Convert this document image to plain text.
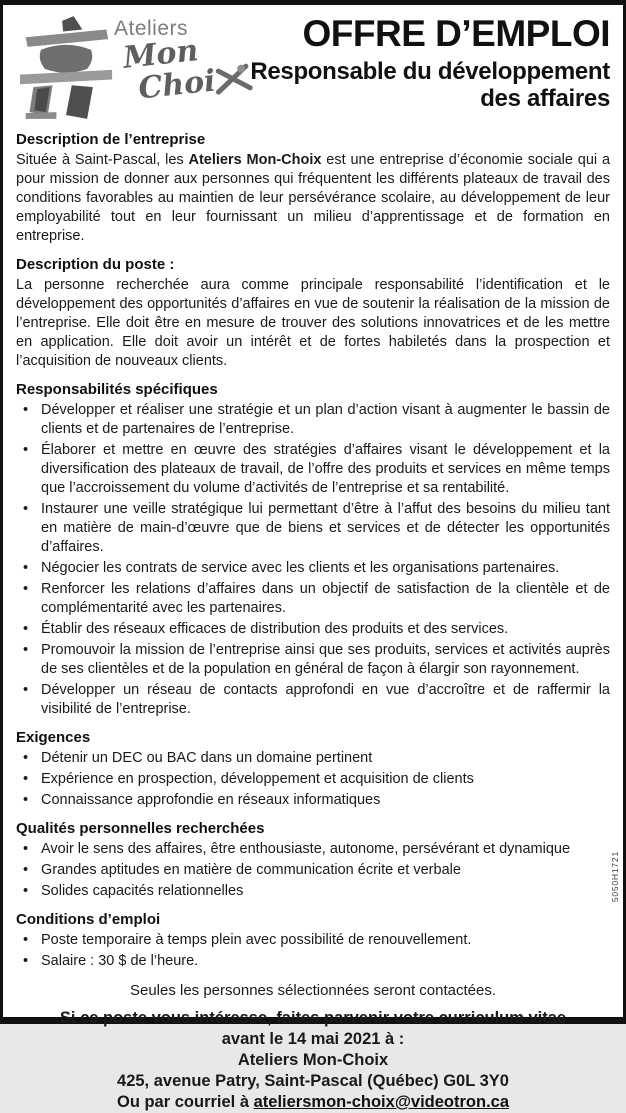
Ateliers
Mon
Choi
OFFRE D’EMPLOI
Responsable du développement
des affaires
Description de l’entreprise

Située à Saint-Pascal, les Ateliers Mon-Choix est une entreprise d’économie sociale qui a pour mission de donner aux personnes qui fréquentent les différents plateaux de travail des conditions favorables au maintien de leur persévérance scolaire, au développement de leur employabilité tout en leur fournissant un milieu d’apprentissage et de formation en entreprise.

Description du poste :

La personne recherchée aura comme principale responsabilité l’identification et le développement des opportunités d’affaires en vue de soutenir la réalisation de la mission de l’entreprise. Elle doit être en mesure de trouver des solutions innovatrices et de les mettre en application. Elle doit avoir un intérêt et de fortes habiletés dans la prospection et l’acquisition de nouveaux clients.

Responsabilités spécifiques
• Développer et réaliser une stratégie et un plan d’action visant à augmenter le bassin de clients et de partenaires de l’entreprise.
• Élaborer et mettre en œuvre des stratégies d’affaires visant le développement et la diversification des plateaux de travail, de l’offre des produits et services en même temps que l’accroissement du volume d’activités de l’entreprise et sa rentabilité.
• Instaurer une veille stratégique lui permettant d’être à l’affut des besoins du milieu tant en matière de main-d’œuvre que de biens et services et de détecter les opportunités d’affaires.
• Négocier les contrats de service avec les clients et les organisations partenaires.
• Renforcer les relations d’affaires dans un objectif de satisfaction de la clientèle et de complémentarité avec les partenaires.
• Établir des réseaux efficaces de distribution des produits et des services.
• Promouvoir la mission de l’entreprise ainsi que ses produits, services et activités auprès de ses clientèles et de la population en général de façon à élargir son rayonnement.
• Développer un réseau de contacts approfondi en vue d’accroître et de raffermir la visibilité de l’entreprise.
Exigences
• Détenir un DEC ou BAC dans un domaine pertinent
• Expérience en prospection, développement et acquisition de clients
• Connaissance approfondie en réseaux informatiques
Qualités personnelles recherchées
• Avoir le sens des affaires, être enthousiaste, autonome, persévérant et dynamique
• Grandes aptitudes en matière de communication écrite et verbale
• Solides capacités relationnelles
Conditions d’emploi
• Poste temporaire à temps plein avec possibilité de renouvellement.
• Salaire : 30 $ de l’heure.
Seules les personnes sélectionnées seront contactées.
Si ce poste vous intéresse, faites parvenir votre curriculum vitae
avant le 14 mai 2021 à :
Ateliers Mon-Choix
425, avenue Patry, Saint-Pascal (Québec) G0L 3Y0
Ou par courriel à ateliersmon-choix@videotron.ca
5050H1721
